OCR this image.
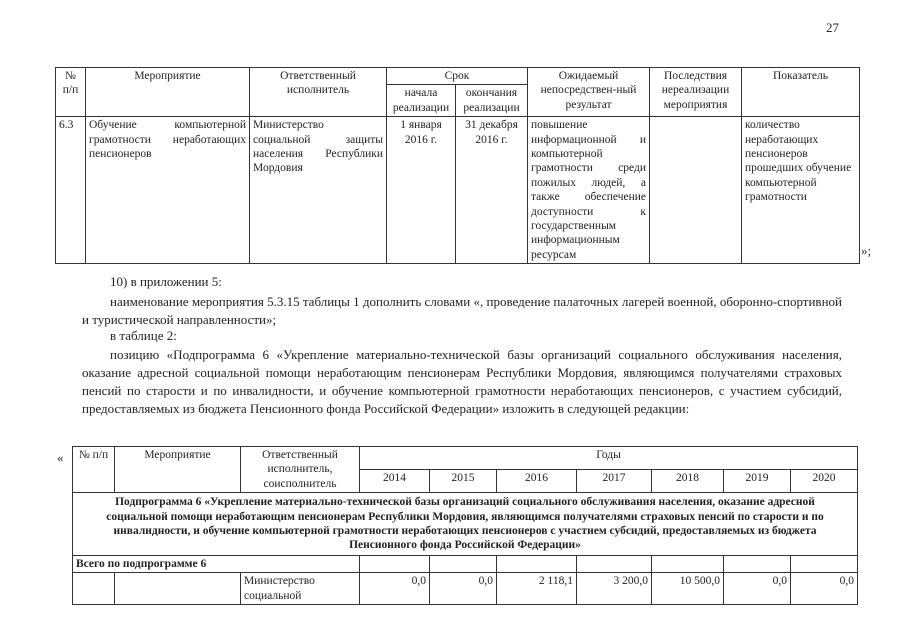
27
№ п/п	Мероприятие	Ответственный исполнитель	Срок		Ожидаемый непосредствен-ный результат	Последствия нереализации мероприятия	Показатель
			начала реализации	окончания реализации			
6.3	Обучение компьютерной грамотности неработающих пенсионеров	Министерство социальной защиты населения Республики Мордовия	1 января 2016 г.	31 декабря 2016 г.	повышение информационной и компьютерной грамотности среди пожилых людей, а также обеспечение доступности к государственным информационным ресурсам		количество неработающих пенсионеров прошедших обучение компьютерной грамотности
»;
10) в приложении 5:
наименование мероприятия 5.3.15 таблицы 1 дополнить словами «, проведение палаточных лагерей военной, оборонно-спортивной и туристической направленности»;
в таблице 2:
позицию «Подпрограмма 6 «Укрепление материально-технической базы организаций социального обслуживания населения, оказание адресной социальной помощи неработающим пенсионерам Республики Мордовия, являющимся получателями страховых пенсий по старости и по инвалидности, и обучение компьютерной грамотности неработающих пенсионеров, с участием субсидий, предоставляемых из бюджета Пенсионного фонда Российской Федерации» изложить в следующей редакции:
« № п/п	Мероприятие	Ответственный исполнитель, соисполнитель	Годы						
			2014	2015	2016	2017	2018	2019	2020
Подпрограмма 6 «Укрепление материально-технической базы организаций социального обслуживания населения, оказание адресной социальной помощи неработающим пенсионерам Республики Мордовия, являющимся получателями страховых пенсий по старости и по инвалидности, и обучение компьютерной грамотности неработающих пенсионеров с участием субсидий, предоставляемых из бюджета Пенсионного фонда Российской Федерации»									
Всего по подпрограмме 6									
		Министерство социальной	0,0	0,0	2 118,1	3 200,0	10 500,0	0,0	0,0
